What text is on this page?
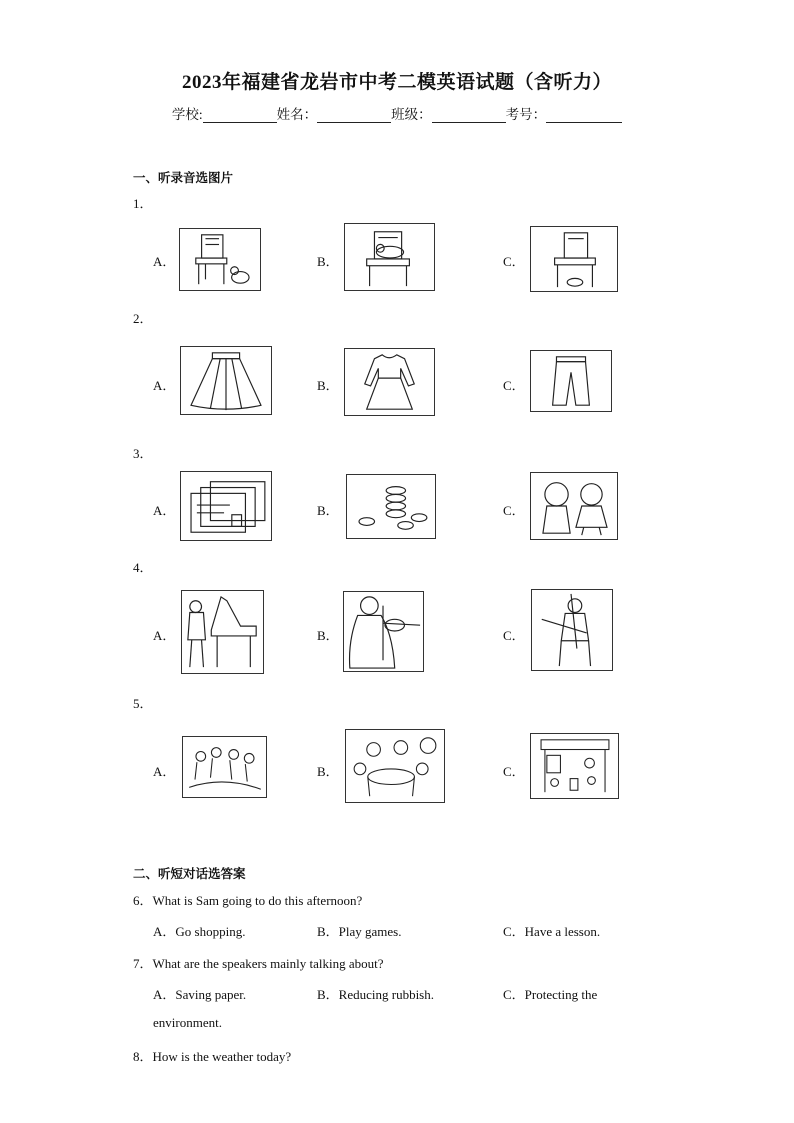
2023年福建省龙岩市中考二模英语试题（含听力）
学校:	姓名：	班级：	考号：
一、听录音选图片
1．
A．	B．	C．
2．
A．	B．	C．
3．
A．	B．	C．
4．
A．	B．	C．
5．
A．	B．	C．
二、听短对话选答案
6．What is Sam going to do this afternoon?
A．Go shopping.	B．Play games.	C．Have a lesson.
7．What are the speakers mainly talking about?
A．Saving paper.	B．Reducing rubbish.	C．Protecting the
environment.
8．How is the weather today?
